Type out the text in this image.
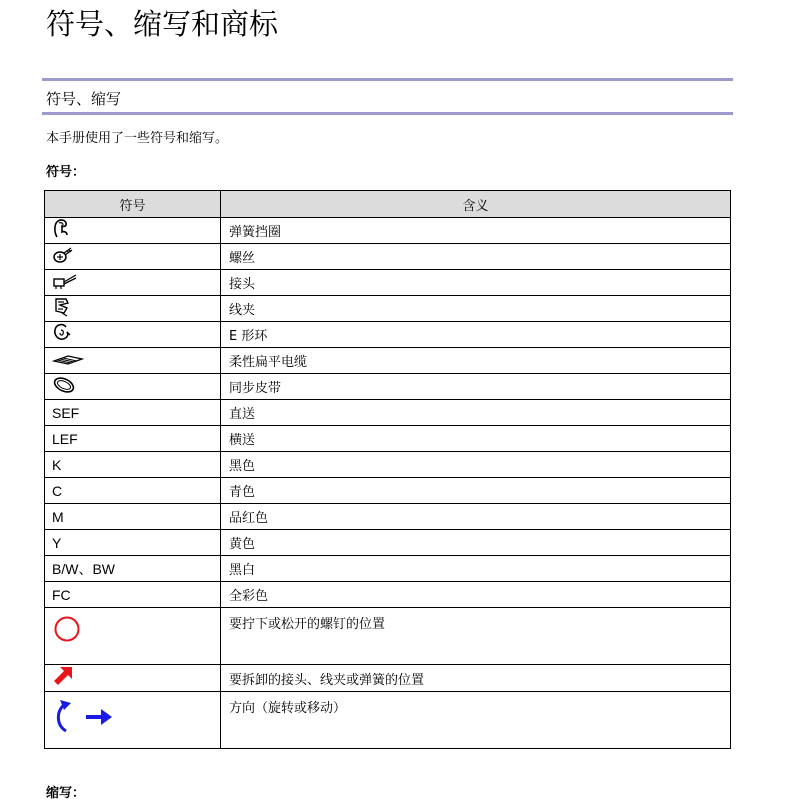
符号、缩写和商标
符号、缩写
本手册使用了一些符号和缩写。
符号：
符号	含义
	弹簧挡圈
	螺丝
	接头
	线夹
	E 形环
	柔性扁平电缆
	同步皮带
SEF	直送
LEF	横送
K	黑色
C	青色
M	品红色
Y	黄色
B/W、BW	黑白
FC	全彩色
	要拧下或松开的螺钉的位置
	要拆卸的接头、线夹或弹簧的位置
	方向（旋转或移动）
缩写：
